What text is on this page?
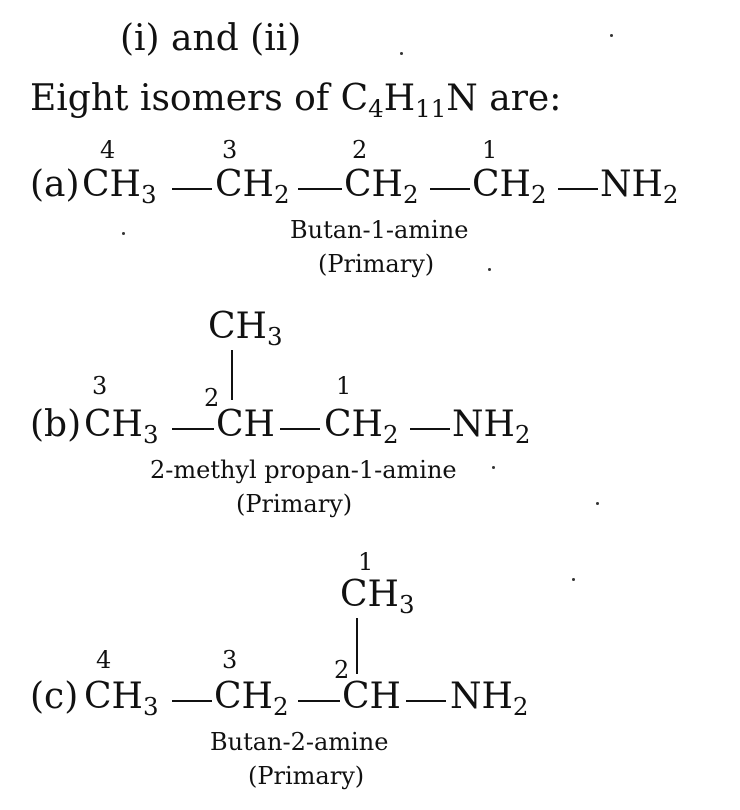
(i) and (ii)
Eight isomers of $C_4H_{11}N$ are:
4	3	2	1
(a) $CH_3$ $CH_2$ $CH_2$ $CH_2$ $NH_2$
Butan-1-amine
(Primary)
$CH_3$
3	2	1
(b) $CH_3$ CH $CH_2$ $NH_2$
2-methyl propan-1-amine
(Primary)
1
$CH_3$
4	3	2
(c) $CH_3$ $CH_2$ CH $NH_2$
Butan-2-amine
(Primary)
